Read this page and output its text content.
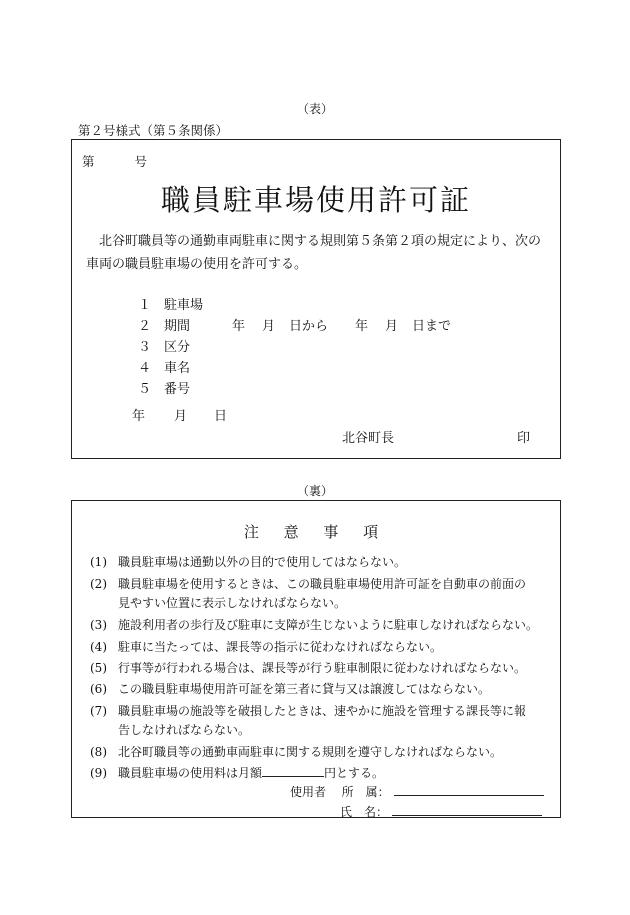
（表）
第２号様式（第５条関係）
第	号
職員駐車場使用許可証
北谷町職員等の通勤車両駐車に関する規則第５条第２項の規定により、次の車両の職員駐車場の使用を許可する。
１ 駐車場
２ 期間	年 月 日から 年 月 日まで
３ 区分
４ 車名
５ 番号
年 月 日
北谷町長	印
（裏）
注 意 事 項
(1) 職員駐車場は通勤以外の目的で使用してはならない。
(2) 職員駐車場を使用するときは、この職員駐車場使用許可証を自動車の前面の
見やすい位置に表示しなければならない。
(3) 施設利用者の歩行及び駐車に支障が生じないように駐車しなければならない。
(4) 駐車に当たっては、課長等の指示に従わなければならない。
(5) 行事等が行われる場合は、課長等が行う駐車制限に従わなければならない。
(6) この職員駐車場使用許可証を第三者に貸与又は譲渡してはならない。
(7) 職員駐車場の施設等を破損したときは、速やかに施設を管理する課長等に報
告しなければならない。
(8) 北谷町職員等の通勤車両駐車に関する規則を遵守しなければならない。
(9) 職員駐車場の使用料は月額	円とする。
使用者 所　属：
氏　名：
